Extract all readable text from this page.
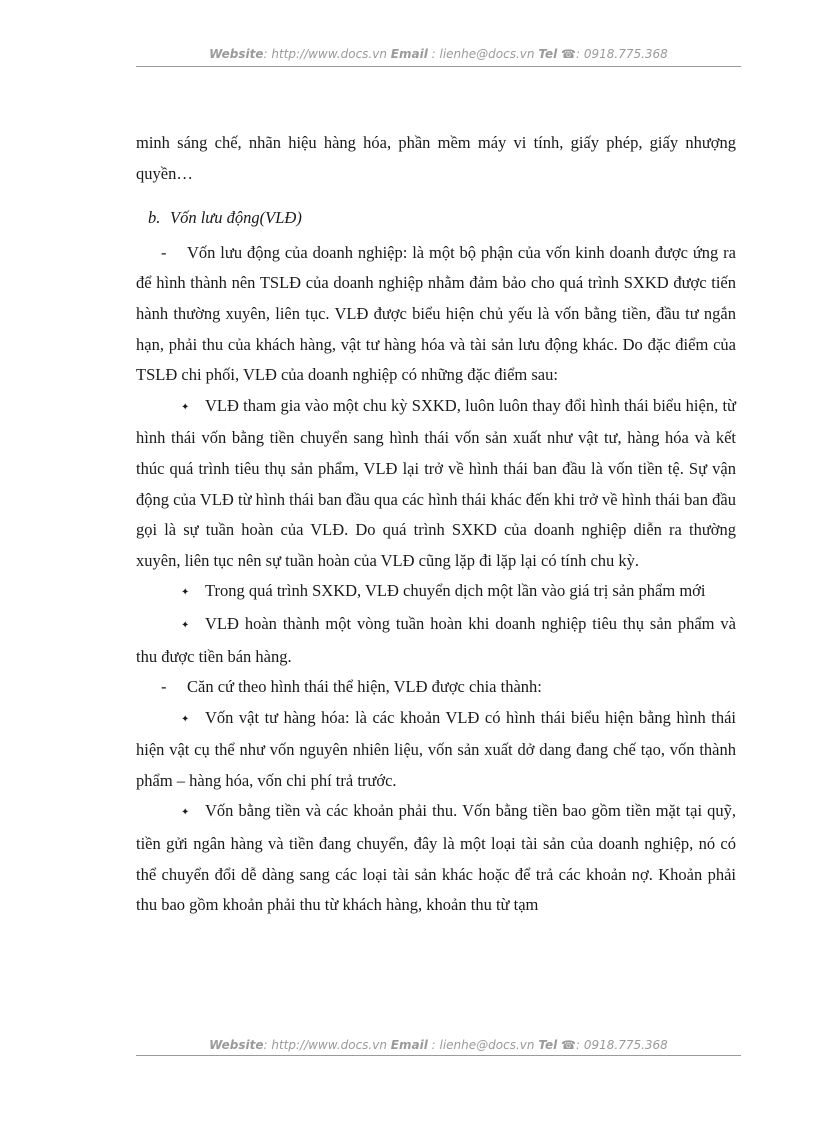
Website: http://www.docs.vn Email : lienhe@docs.vn Tel ☎: 0918.775.368

minh sáng chế, nhãn hiệu hàng hóa, phần mềm máy vi tính, giấy phép, giấy nhượng quyền…

b. Vốn lưu động(VLĐ)

- Vốn lưu động của doanh nghiệp: là một bộ phận của vốn kinh doanh được ứng ra để hình thành nên TSLĐ của doanh nghiệp nhằm đảm bảo cho quá trình SXKD được tiến hành thường xuyên, liên tục. VLĐ được biểu hiện chủ yếu là vốn bằng tiền, đầu tư ngắn hạn, phải thu của khách hàng, vật tư hàng hóa và tài sản lưu động khác. Do đặc điểm của TSLĐ chi phối, VLĐ của doanh nghiệp có những đặc điểm sau:

✦ VLĐ tham gia vào một chu kỳ SXKD, luôn luôn thay đổi hình thái biểu hiện, từ hình thái vốn bằng tiền chuyển sang hình thái vốn sản xuất như vật tư, hàng hóa và kết thúc quá trình tiêu thụ sản phẩm, VLĐ lại trở về hình thái ban đầu là vốn tiền tệ. Sự vận động của VLĐ từ hình thái ban đầu qua các hình thái khác đến khi trở về hình thái ban đầu gọi là sự tuần hoàn của VLĐ. Do quá trình SXKD của doanh nghiệp diễn ra thường xuyên, liên tục nên sự tuần hoàn của VLĐ cũng lặp đi lặp lại có tính chu kỳ.

✦ Trong quá trình SXKD, VLĐ chuyển dịch một lần vào giá trị sản phẩm mới

✦ VLĐ hoàn thành một vòng tuần hoàn khi doanh nghiệp tiêu thụ sản phẩm và thu được tiền bán hàng.

- Căn cứ theo hình thái thể hiện, VLĐ được chia thành:

✦ Vốn vật tư hàng hóa: là các khoản VLĐ có hình thái biểu hiện bằng hình thái hiện vật cụ thể như vốn nguyên nhiên liệu, vốn sản xuất dở dang đang chế tạo, vốn thành phẩm – hàng hóa, vốn chi phí trả trước.

✦ Vốn bằng tiền và các khoản phải thu. Vốn bằng tiền bao gồm tiền mặt tại quỹ, tiền gửi ngân hàng và tiền đang chuyển, đây là một loại tài sản của doanh nghiệp, nó có thể chuyển đổi dễ dàng sang các loại tài sản khác hoặc để trả các khoản nợ. Khoản phải thu bao gồm khoản phải thu từ khách hàng, khoản thu từ tạm

Website: http://www.docs.vn Email : lienhe@docs.vn Tel ☎: 0918.775.368
